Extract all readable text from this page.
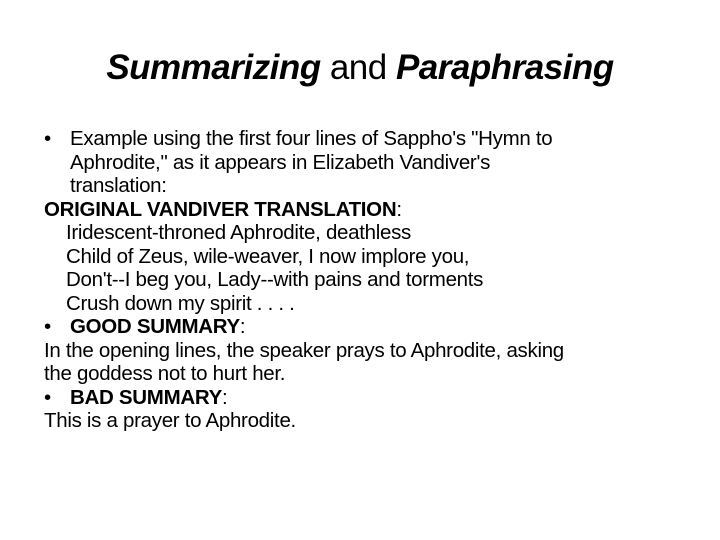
Summarizing and Paraphrasing
• Example using the first four lines of Sappho's "Hymn to
Aphrodite," as it appears in Elizabeth Vandiver's
translation:
ORIGINAL VANDIVER TRANSLATION:
Iridescent-throned Aphrodite, deathless
Child of Zeus, wile-weaver, I now implore you,
Don't--I beg you, Lady--with pains and torments
Crush down my spirit . . . .
• GOOD SUMMARY:
In the opening lines, the speaker prays to Aphrodite, asking
the goddess not to hurt her.
• BAD SUMMARY:
This is a prayer to Aphrodite.
